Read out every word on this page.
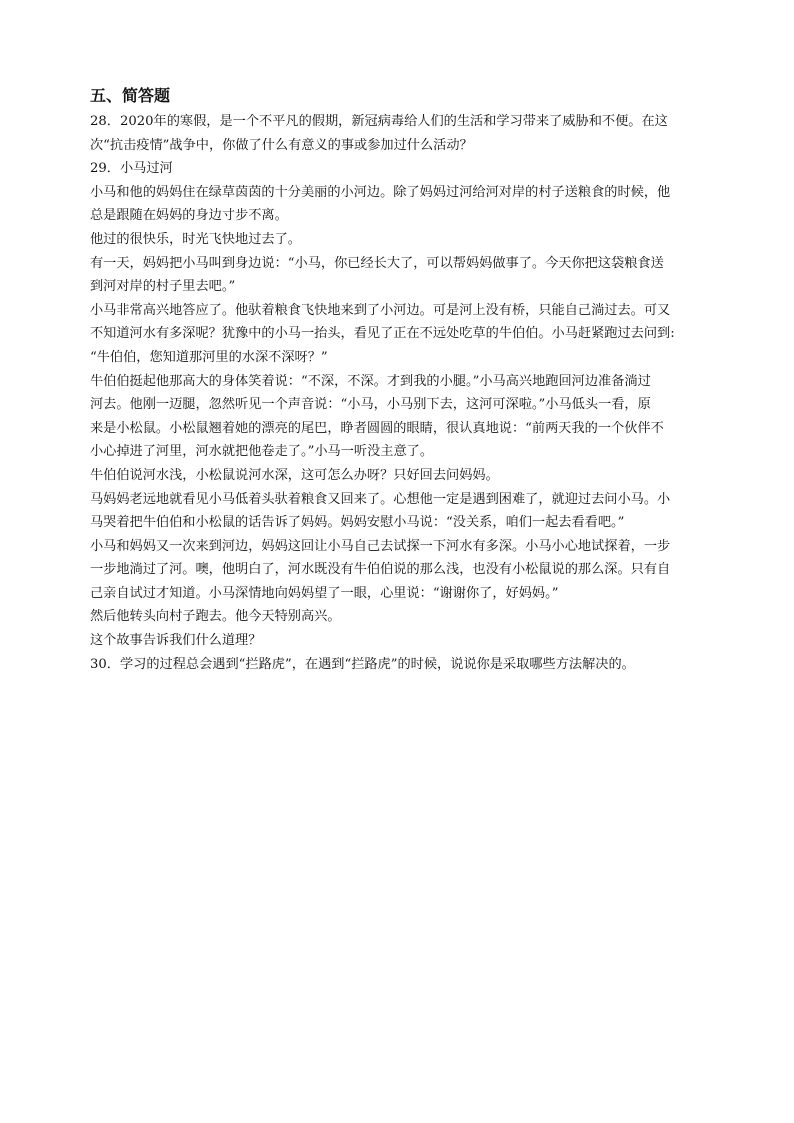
五、简答题
28．2020年的寒假，是一个不平凡的假期，新冠病毒给人们的生活和学习带来了威胁和不便。在这
次“抗击疫情”战争中，你做了什么有意义的事或参加过什么活动？
29．小马过河
小马和他的妈妈住在绿草茵茵的十分美丽的小河边。除了妈妈过河给河对岸的村子送粮食的时候，他
总是跟随在妈妈的身边寸步不离。
他过的很快乐，时光飞快地过去了。
有一天，妈妈把小马叫到身边说：“小马，你已经长大了，可以帮妈妈做事了。今天你把这袋粮食送
到河对岸的村子里去吧。”
小马非常高兴地答应了。他驮着粮食飞快地来到了小河边。可是河上没有桥，只能自己淌过去。可又
不知道河水有多深呢？犹豫中的小马一抬头，看见了正在不远处吃草的牛伯伯。小马赶紧跑过去问到:
“牛伯伯，您知道那河里的水深不深呀？”
牛伯伯挺起他那高大的身体笑着说：“不深，不深。才到我的小腿。”小马高兴地跑回河边准备淌过
河去。他刚一迈腿，忽然听见一个声音说：“小马，小马别下去，这河可深啦。”小马低头一看，原
来是小松鼠。小松鼠翘着她的漂亮的尾巴，睁者圆圆的眼睛，很认真地说：“前两天我的一个伙伴不
小心掉进了河里，河水就把他卷走了。”小马一听没主意了。
牛伯伯说河水浅，小松鼠说河水深，这可怎么办呀？只好回去问妈妈。
马妈妈老远地就看见小马低着头驮着粮食又回来了。心想他一定是遇到困难了，就迎过去问小马。小
马哭着把牛伯伯和小松鼠的话告诉了妈妈。妈妈安慰小马说：“没关系，咱们一起去看看吧。”
小马和妈妈又一次来到河边，妈妈这回让小马自己去试探一下河水有多深。小马小心地试探着，一步
一步地淌过了河。噢，他明白了，河水既没有牛伯伯说的那么浅，也没有小松鼠说的那么深。只有自
己亲自试过才知道。小马深情地向妈妈望了一眼，心里说：“谢谢你了，好妈妈。”
然后他转头向村子跑去。他今天特别高兴。
这个故事告诉我们什么道理？
30．学习的过程总会遇到“拦路虎”，在遇到“拦路虎”的时候，说说你是采取哪些方法解决的。
